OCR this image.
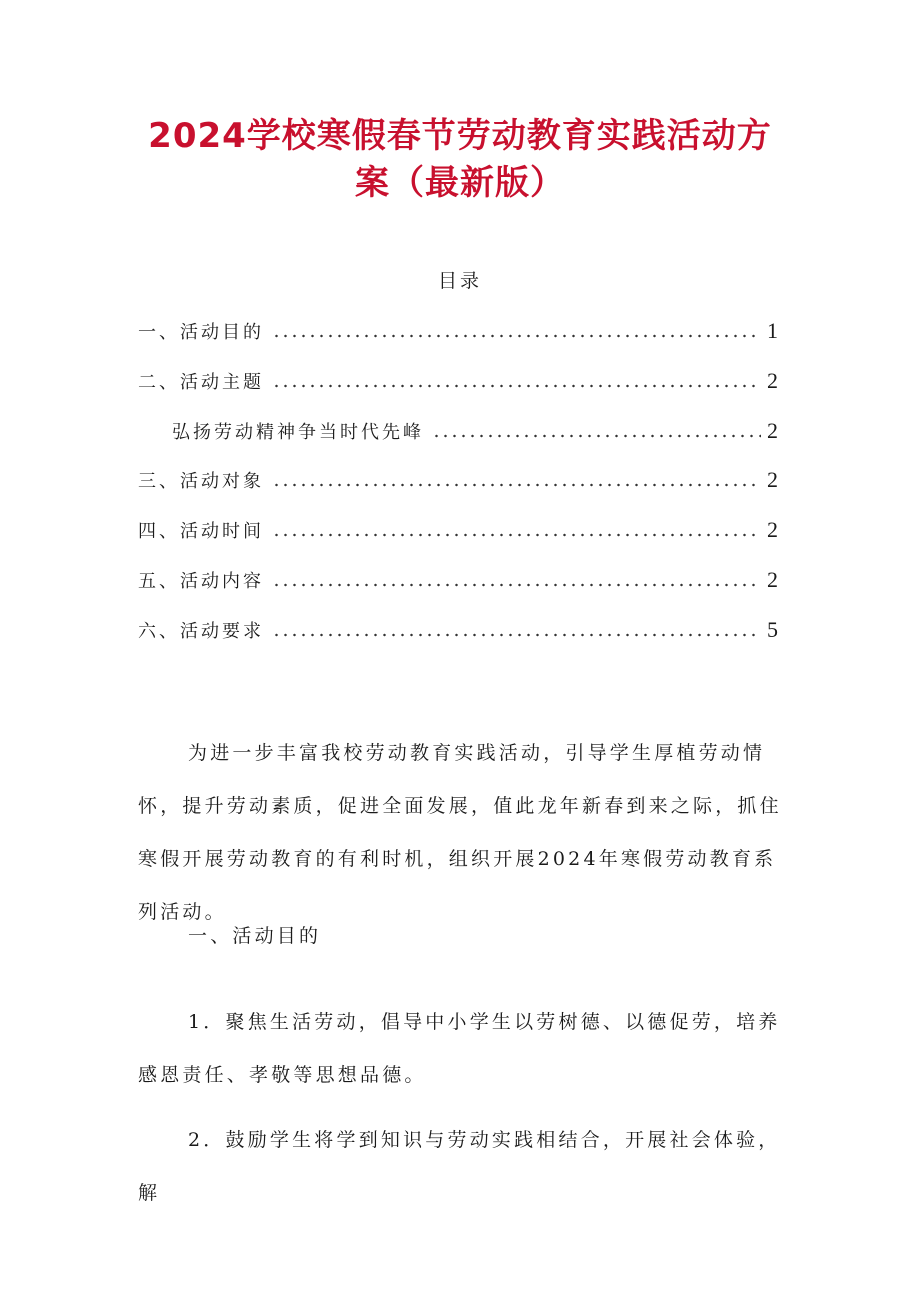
2024学校寒假春节劳动教育实践活动方
案（最新版）
目录
一、活动目的	1
二、活动主题	2
弘扬劳动精神争当时代先峰	2
三、活动对象	2
四、活动时间	2
五、活动内容	2
六、活动要求	5

为进一步丰富我校劳动教育实践活动，引导学生厚植劳动情怀，提升劳动素质，促进全面发展，值此龙年新春到来之际，抓住寒假开展劳动教育的有利时机，组织开展2024年寒假劳动教育系列活动。

一、活动目的

1．聚焦生活劳动，倡导中小学生以劳树德、以德促劳，培养感恩责任、孝敬等思想品德。

2．鼓励学生将学到知识与劳动实践相结合，开展社会体验，解
